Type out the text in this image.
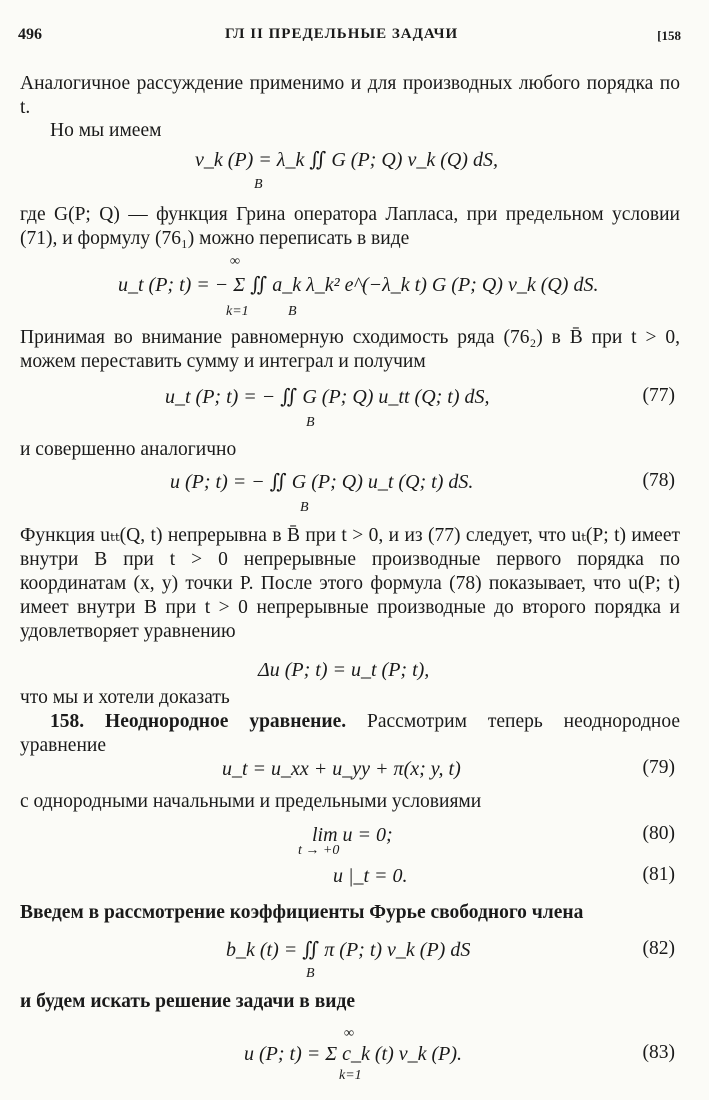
496	ГЛ II ПРЕДЕЛЬНЫЕ ЗАДАЧИ	[158
Аналогичное рассуждение применимо и для производных любого порядка по t.
Но мы имеем
v_k (P) = λ_k ∬ G (P; Q) v_k (Q) dS,
B
где G(P; Q) — функция Грина оператора Лапласа, при предельном условии (71), и формулу (76₁) можно переписать в виде
∞
u_t (P; t) = − Σ ∬ a_k λ_k² e^(−λ_k t) G (P; Q) v_k (Q) dS.
k=1	B
Принимая во внимание равномерную сходимость ряда (76₂) в B̄ при t > 0, можем переставить сумму и интеграл и получим
u_t (P; t) = − ∬ G (P; Q) u_tt (Q; t) dS,	(77)
B
и совершенно аналогично
u (P; t) = − ∬ G (P; Q) u_t (Q; t) dS.	(78)
B
Функция uₜₜ(Q, t) непрерывна в B̄ при t > 0, и из (77) следует, что uₜ(P; t) имеет внутри B при t > 0 непрерывные производные первого порядка по координатам (x, y) точки P. После этого формула (78) показывает, что u(P; t) имеет внутри B при t > 0 непрерывные производные до второго порядка и удовлетворяет уравнению
Δu (P; t) = u_t (P; t),
что мы и хотели доказать
158. Неоднородное уравнение. Рассмотрим теперь неоднородное уравнение
u_t = u_xx + u_yy + π(x; y, t)	(79)
с однородными начальными и предельными условиями
lim u = 0;	(80)
t → +0
u |_t = 0.	(81)
Введем в рассмотрение коэффициенты Фурье свободного члена
b_k (t) = ∬ π (P; t) v_k (P) dS	(82)
B
и будем искать решение задачи в виде
∞
u (P; t) = Σ c_k (t) v_k (P).	(83)
k=1
